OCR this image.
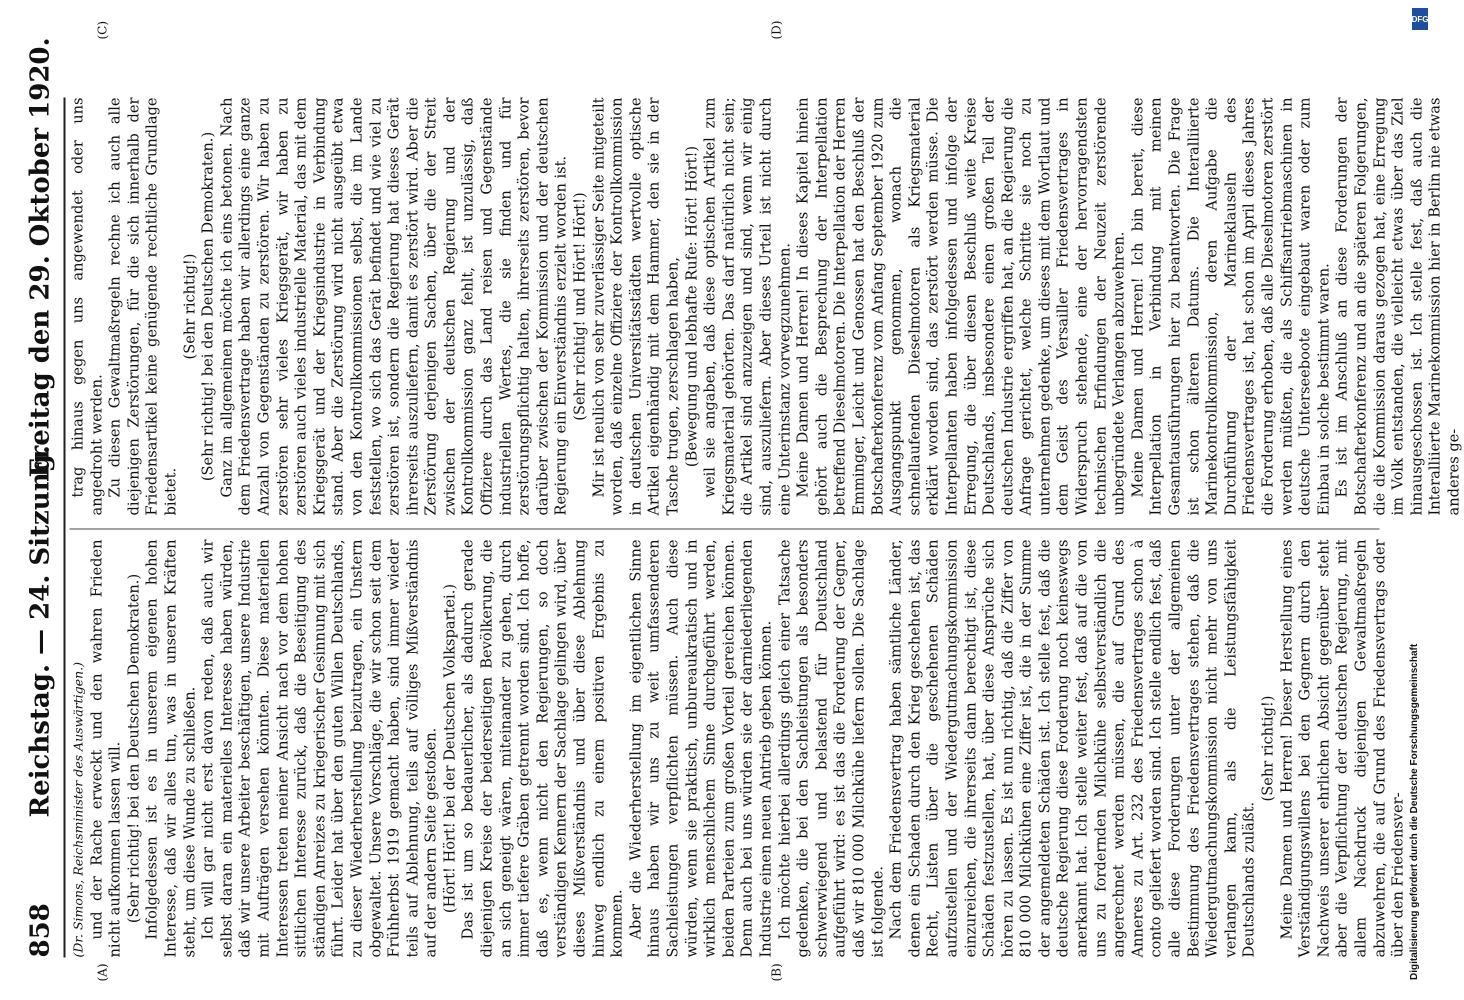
858
Reichstag. — 24. Sitzung.
Freitag den 29. Oktober 1920.
(A)	(B)
(C)	(D)

(Dr. Simons, Reichsminister des Auswärtigen.) und der Rache erweckt und den wahren Frieden nicht aufkommen lassen will. (Sehr richtig! bei den Deutschen Demokraten.) Infolgedessen ist es in unserem eigenen hohen Interesse, daß wir alles tun, was in unseren Kräften steht, um diese Wunde zu schließen. Ich will gar nicht erst davon reden, daß auch wir selbst daran ein materielles Interesse haben würden, daß wir unsere Arbeiter beschäftigen, unsere Industrie mit Aufträgen versehen könnten. Diese materiellen Interessen treten meiner Ansicht nach vor dem hohen sittlichen Interesse zurück, daß die Beseitigung des ständigen Anreizes zu kriegerischer Gesinnung mit sich führt. Leider hat über den guten Willen Deutschlands, zu dieser Wiederherstellung beizutragen, ein Unstern obgewaltet. Unsere Vorschläge, die wir schon seit dem Frühherbst 1919 gemacht haben, sind immer wieder teils auf Ablehnung, teils auf völliges Mißverständnis auf der andern Seite gestoßen. (Hört! Hört! bei der Deutschen Volkspartei.) Das ist um so bedauerlicher, als dadurch gerade diejenigen Kreise der beiderseitigen Bevölkerung, die an sich geneigt wären, miteinander zu gehen, durch immer tiefere Gräben getrennt worden sind. Ich hoffe, daß es, wenn nicht den Regierungen, so doch verständigen Kennern der Sachlage gelingen wird, über dieses Mißverständnis und über diese Ablehnung hinweg endlich zu einem positiven Ergebnis zu kommen. Aber die Wiederherstellung im eigentlichen Sinne hinaus haben wir uns zu weit umfassenderen Sachleistungen verpflichten müssen. Auch diese würden, wenn sie praktisch, unbureaukratisch und in wirklich menschlichem Sinne durchgeführt werden, beiden Parteien zum großen Vorteil gereichen können. Denn auch bei uns würden sie der darniederliegenden Industrie einen neuen Antrieb geben können. Ich möchte hierbei allerdings gleich einer Tatsache gedenken, die bei den Sachleistungen als besonders schwerwiegend und belastend für Deutschland aufgeführt wird: es ist das die Forderung der Gegner, daß wir 810 000 Milchkühe liefern sollen. Die Sachlage ist folgende. Nach dem Friedensvertrag haben sämtliche Länder, denen ein Schaden durch den Krieg geschehen ist, das Recht, Listen über die geschehenen Schäden aufzustellen und der Wiedergutmachungskommission einzureichen, die ihrerseits dann berechtigt ist, diese Schäden festzustellen, hat, über diese Ansprüche sich hören zu lassen. Es ist nun richtig, daß die Ziffer von 810 000 Milchkühen eine Ziffer ist, die in der Summe der angemeldeten Schäden ist. Ich stelle fest, daß die deutsche Regierung diese Forderung noch keineswegs anerkannt hat. Ich stelle weiter fest, daß auf die von uns zu fordernden Milchkühe selbstverständlich die angerechnet werden müssen, die auf Grund des Anneres zu Art. 232 des Friedensvertrages schon à conto geliefert worden sind. Ich stelle endlich fest, daß alle diese Forderungen unter der allgemeinen Bestimmung des Friedensvertrages stehen, daß die Wiedergutmachungskommission nicht mehr von uns verlangen kann, als die Leistungsfähigkeit Deutschlands zuläßt.

(Sehr richtig!) Meine Damen und Herren! Dieser Herstellung eines Verständigungswillens bei den Gegnern durch den Nachweis unserer ehrlichen Absicht gegenüber steht aber die Verpflichtung der deutschen Regierung, mit allem Nachdruck diejenigen Gewaltmaßregeln abzuwehren, die auf Grund des Friedensvertrags oder über den Friedensver-

trag hinaus gegen uns angewendet oder uns angedroht werden. Zu diesen Gewaltmaßregeln rechne ich auch alle diejenigen Zerstörungen, für die sich innerhalb der Friedensartikel keine genügende rechtliche Grundlage bietet.

(Sehr richtig!) (Sehr richtig! bei den Deutschen Demokraten.) Ganz im allgemeinen möchte ich eins betonen. Nach dem Friedensvertrage haben wir allerdings eine ganze Anzahl von Gegenständen zu zerstören. Wir haben zu zerstören sehr vieles Kriegsgerät, wir haben zu zerstören auch vieles industrielle Material, das mit dem Kriegsgerät und der Kriegsindustrie in Verbindung stand. Aber die Zerstörung wird nicht ausgeübt etwa von den Kontrollkommissionen selbst, die im Lande feststellen, wo sich das Gerät befindet und wie viel zu zerstören ist, sondern die Regierung hat dieses Gerät ihrerseits auszuliefern, damit es zerstört wird. Aber die Zerstörung derjenigen Sachen, über die der Streit zwischen der deutschen Regierung und der Kontrollkommission ganz fehlt, ist unzulässig, daß Offiziere durch das Land reisen und Gegenstände industriellen Wertes, die sie finden und für zerstörungspflichtig halten, ihrerseits zerstören, bevor darüber zwischen der Kommission und der deutschen Regierung ein Einverständnis erzielt worden ist. (Sehr richtig! und Hört! Hört!) Mir ist neulich von sehr zuverlässiger Seite mitgeteilt worden, daß einzelne Offiziere der Kontrollkommission in deutschen Universitätsstädten wertvolle optische Artikel eigenhändig mit dem Hammer, den sie in der Tasche trugen, zerschlagen haben, (Bewegung und lebhafte Rufe: Hört! Hört!) weil sie angaben, daß diese optischen Artikel zum Kriegsmaterial gehörten. Das darf natürlich nicht sein; die Artikel sind anzuzeigen und sind, wenn wir einig sind, auszuliefern. Aber dieses Urteil ist nicht durch eine Unterinstanz vorwegzunehmen. Meine Damen und Herren! In dieses Kapitel hinein gehört auch die Besprechung der Interpellation betreffend Dieselmotoren. Die Interpellation der Herren Emminger, Leicht und Genossen hat den Beschluß der Botschafterkonferenz vom Anfang September 1920 zum Ausgangspunkt genommen, wonach die schnellaufenden Dieselmotoren als Kriegsmaterial erklärt worden sind, das zerstört werden müsse. Die Interpellanten haben infolgedessen und infolge der Erregung, die über diesen Beschluß weite Kreise Deutschlands, insbesondere einen großen Teil der deutschen Industrie ergriffen hat, an die Regierung die Anfrage gerichtet, welche Schritte sie noch zu unternehmen gedenke, um dieses mit dem Wortlaut und dem Geist des Versailler Friedensvertrages in Widerspruch stehende, eine der hervorragendsten technischen Erfindungen der Neuzeit zerstörende unbegründete Verlangen abzuwehren. Meine Damen und Herren! Ich bin bereit, diese Interpellation in Verbindung mit meinen Gesamtausführungen hier zu beantworten. Die Frage ist schon älteren Datums. Die Interalliierte Marinekontrollkommission, deren Aufgabe die Durchführung der Marineklauseln des Friedensvertrages ist, hat schon im April dieses Jahres die Forderung erhoben, daß alle Dieselmotoren zerstört werden müßten, die als Schiffsantriebmaschinen in deutsche Unterseeboote eingebaut waren oder zum Einbau in solche bestimmt waren. Es ist im Anschluß an diese Forderungen der Botschafterkonferenz und an die späteren Folgerungen, die die Kommission daraus gezogen hat, eine Erregung im Volk entstanden, die vielleicht etwas über das Ziel hinausgeschossen ist. Ich stelle fest, daß auch die Interalliierte Marinekommission hier in Berlin nie etwas anderes ge-

DFG
Digitalisierung gefördert durch die Deutsche Forschungsgemeinschaft
